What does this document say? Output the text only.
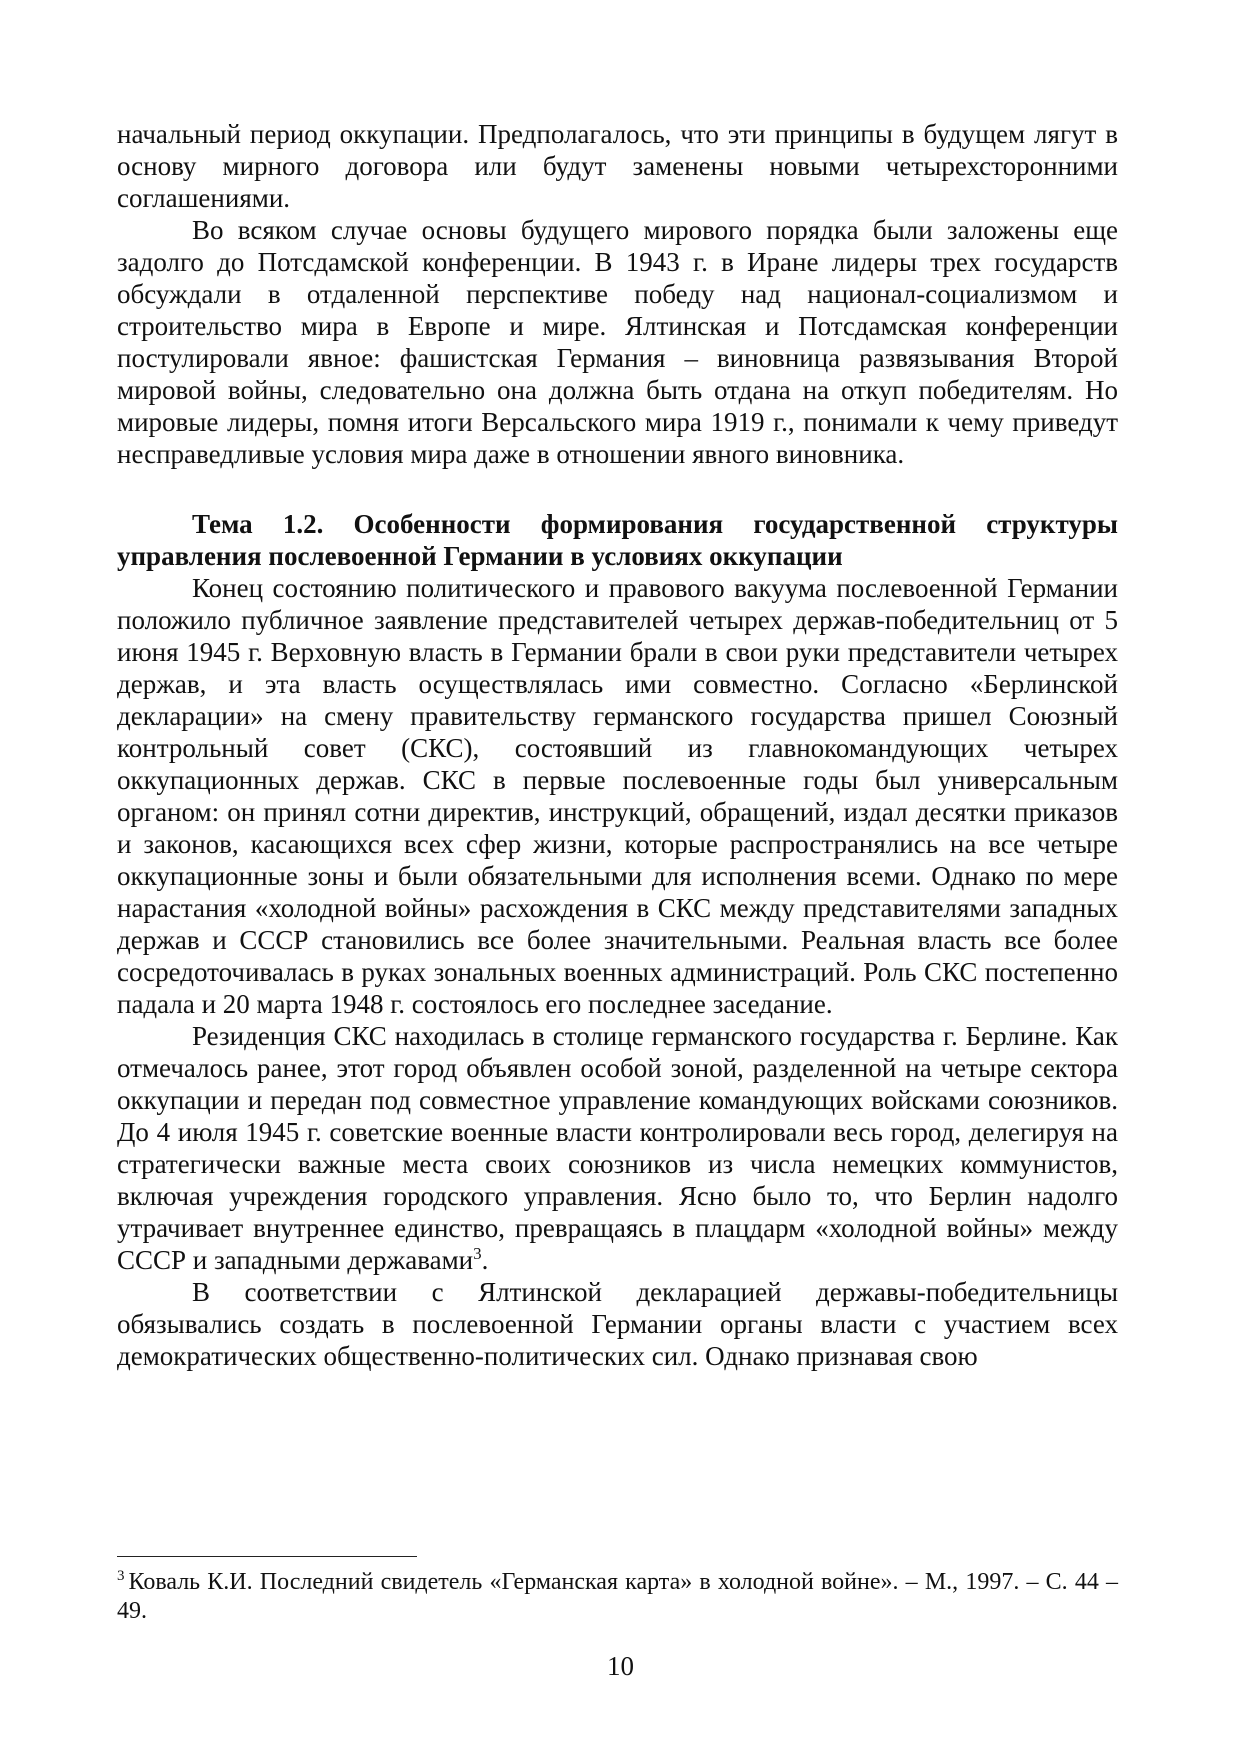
начальный период оккупации. Предполагалось, что эти принципы в будущем лягут в основу мирного договора или будут заменены новыми четырехсторонними соглашениями.

Во всяком случае основы будущего мирового порядка были заложены еще задолго до Потсдамской конференции. В 1943 г. в Иране лидеры трех государств обсуждали в отдаленной перспективе победу над национал-социализмом и строительство мира в Европе и мире. Ялтинская и Потсдамская конференции постулировали явное: фашистская Германия – виновница развязывания Второй мировой войны, следовательно она должна быть отдана на откуп победителям. Но мировые лидеры, помня итоги Версальского мира 1919 г., понимали к чему приведут несправедливые условия мира даже в отношении явного виновника.

Тема 1.2. Особенности формирования государственной структуры управления послевоенной Германии в условиях оккупации

Конец состоянию политического и правового вакуума послевоенной Германии положило публичное заявление представителей четырех держав-победительниц от 5 июня 1945 г. Верховную власть в Германии брали в свои руки представители четырех держав, и эта власть осуществлялась ими совместно. Согласно «Берлинской декларации» на смену правительству германского государства пришел Союзный контрольный совет (СКС), состоявший из главнокомандующих четырех оккупационных держав. СКС в первые послевоенные годы был универсальным органом: он принял сотни директив, инструкций, обращений, издал десятки приказов и законов, касающихся всех сфер жизни, которые распространялись на все четыре оккупационные зоны и были обязательными для исполнения всеми. Однако по мере нарастания «холодной войны» расхождения в СКС между представителями западных держав и СССР становились все более значительными. Реальная власть все более сосредоточивалась в руках зональных военных администраций. Роль СКС постепенно падала и 20 марта 1948 г. состоялось его последнее заседание.

Резиденция СКС находилась в столице германского государства г. Берлине. Как отмечалось ранее, этот город объявлен особой зоной, разделенной на четыре сектора оккупации и передан под совместное управление командующих войсками союзников. До 4 июля 1945 г. советские военные власти контролировали весь город, делегируя на стратегически важные места своих союзников из числа немецких коммунистов, включая учреждения городского управления. Ясно было то, что Берлин надолго утрачивает внутреннее единство, превращаясь в плацдарм «холодной войны» между СССР и западными державами$^3$.

В соответствии с Ялтинской декларацией державы-победительницы обязывались создать в послевоенной Германии органы власти с участием всех демократических общественно-политических сил. Однако признавая свою

$^3$ Коваль К.И. Последний свидетель «Германская карта» в холодной войне». – М., 1997. – С. 44 – 49.

10
